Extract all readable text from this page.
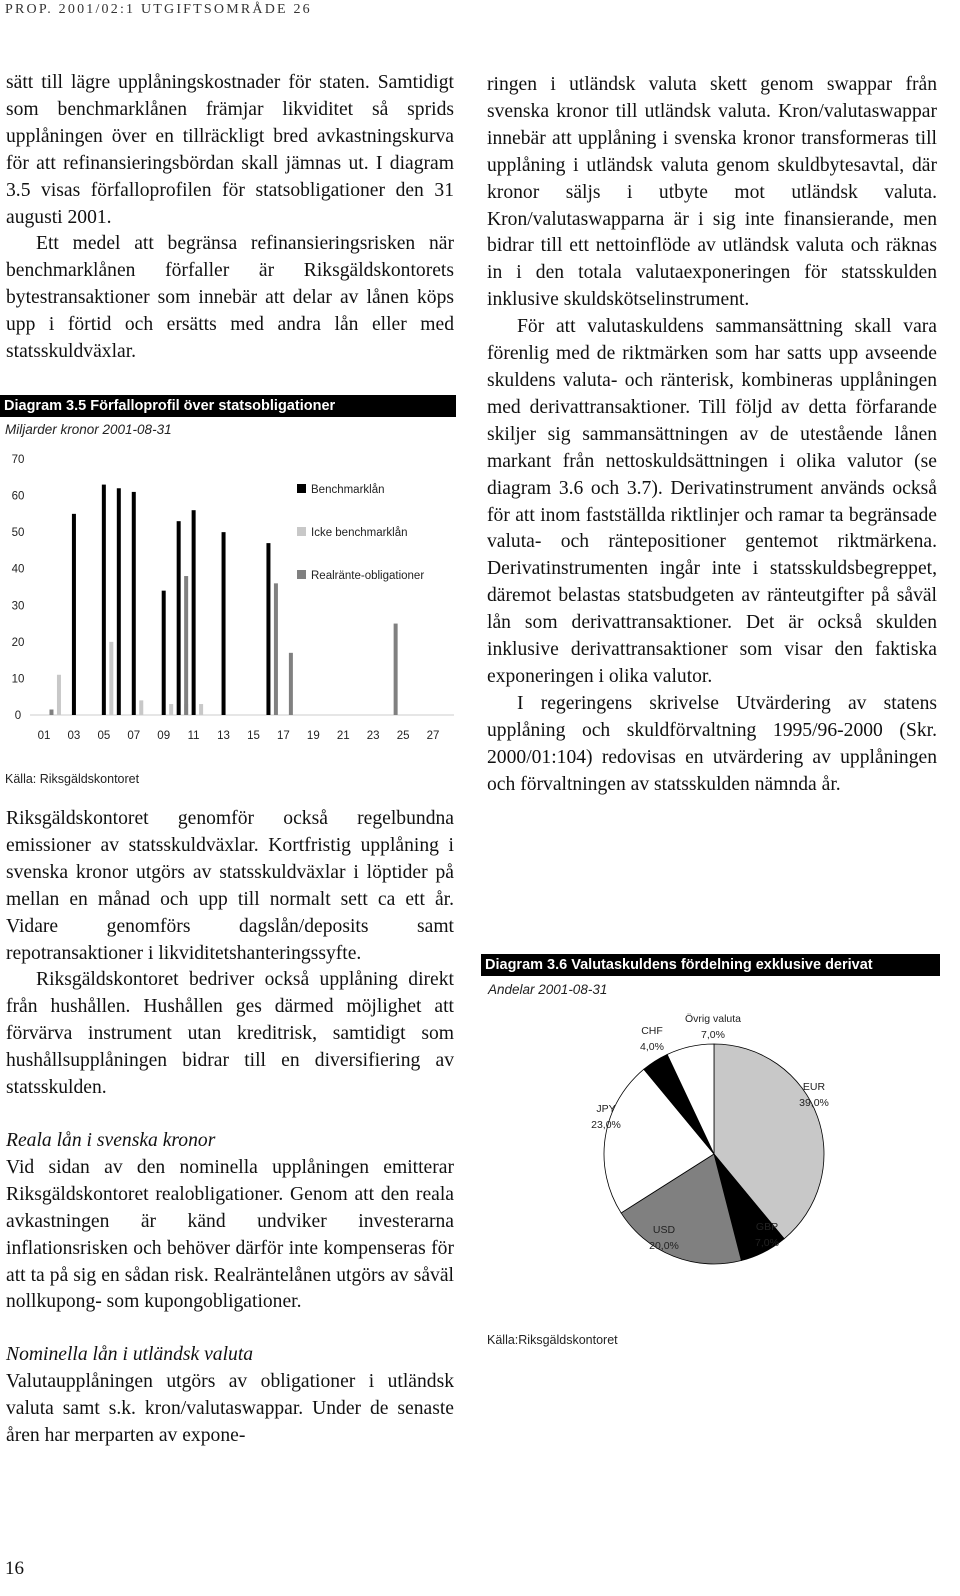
PROP. 2001/02:1 UTGIFTSOMRÅDE 26

sätt till lägre upplåningskostnader för staten. Samtidigt som benchmarklånen främjar likviditet så sprids upplåningen över en tillräckligt bred avkastningskurva för att refinansieringsbördan skall jämnas ut. I diagram 3.5 visas förfalloprofilen för statsobligationer den 31 augusti 2001.

Ett medel att begränsa refinansieringsrisken när benchmarklånen förfaller är Riksgäldskontorets bytestransaktioner som innebär att delar av lånen köps upp i förtid och ersätts med andra lån eller med statsskuldväxlar.

Diagram 3.5 Förfalloprofil över statsobligationer
Miljarder kronor 2001-08-31
0
10
20
30
40
50
60
70
01 03 05 07 09 11 13 15 17 19 21 23 25 27
Benchmarklån
Icke benchmarklån
Realränte-obligationer
Källa: Riksgäldskontoret

Riksgäldskontoret genomför också regelbundna emissioner av statsskuldväxlar. Kortfristig upplåning i svenska kronor utgörs av statsskuldväxlar i löptider på mellan en månad och upp till normalt sett ca ett år. Vidare genomförs dagslån/deposits samt repotransaktioner i likviditetshanteringssyfte.

Riksgäldskontoret bedriver också upplåning direkt från hushållen. Hushållen ges därmed möjlighet att förvärva instrument utan kreditrisk, samtidigt som hushållsupplåningen bidrar till en diversifiering av statsskulden.

Reala lån i svenska kronor

Vid sidan av den nominella upplåningen emitterar Riksgäldskontoret realobligationer. Genom att den reala avkastningen är känd undviker investerarna inflationsrisken och behöver därför inte kompenseras för att ta på sig en sådan risk. Realräntelånen utgörs av såväl nollkupong- som kupongobligationer.

Nominella lån i utländsk valuta

Valutaupplåningen utgörs av obligationer i utländsk valuta samt s.k. kron/valutaswappar. Under de senaste åren har merparten av expone-

ringen i utländsk valuta skett genom swappar från svenska kronor till utländsk valuta. Kron/valutaswappar innebär att upplåning i svenska kronor transformeras till upplåning i utländsk valuta genom skuldbytesavtal, där kronor säljs i utbyte mot utländsk valuta. Kron/valutaswapparna är i sig inte finansierande, men bidrar till ett nettoinflöde av utländsk valuta och räknas in i den totala valutaexponeringen för statsskulden inklusive skuldskötselinstrument.

För att valutaskuldens sammansättning skall vara förenlig med de riktmärken som har satts upp avseende skuldens valuta- och ränterisk, kombineras upplåningen med derivattransaktioner. Till följd av detta förfarande skiljer sig sammansättningen av de utestående lånen markant från nettoskuldsättningen i olika valutor (se diagram 3.6 och 3.7). Derivatinstrument används också för att inom fastställda riktlinjer och ramar ta begränsade valuta- och räntepositioner gentemot riktmärkena. Derivatinstrumenten ingår inte i statsskuldsbegreppet, däremot belastas statsbudgeten av räntеutgifter på såväl lån som derivattransaktioner. Det är också skulden inklusive derivattransaktioner som visar den faktiska exponeringen i olika valutor.

I regeringens skrivelse Utvärdering av statens upplåning och skuldförvaltning 1995/96-2000 (Skr. 2000/01:104) redovisas en utvärdering av upplåningen och förvaltningen av statsskulden nämnda år.

Diagram 3.6 Valutaskuldens fördelning exklusive derivat
Andelar 2001-08-31
EUR
39,0%
GBP
7,0%
USD
20,0%
JPY
23,0%
CHF
4,0%
Övrig valuta
7,0%
Källa:Riksgäldskontoret
16
